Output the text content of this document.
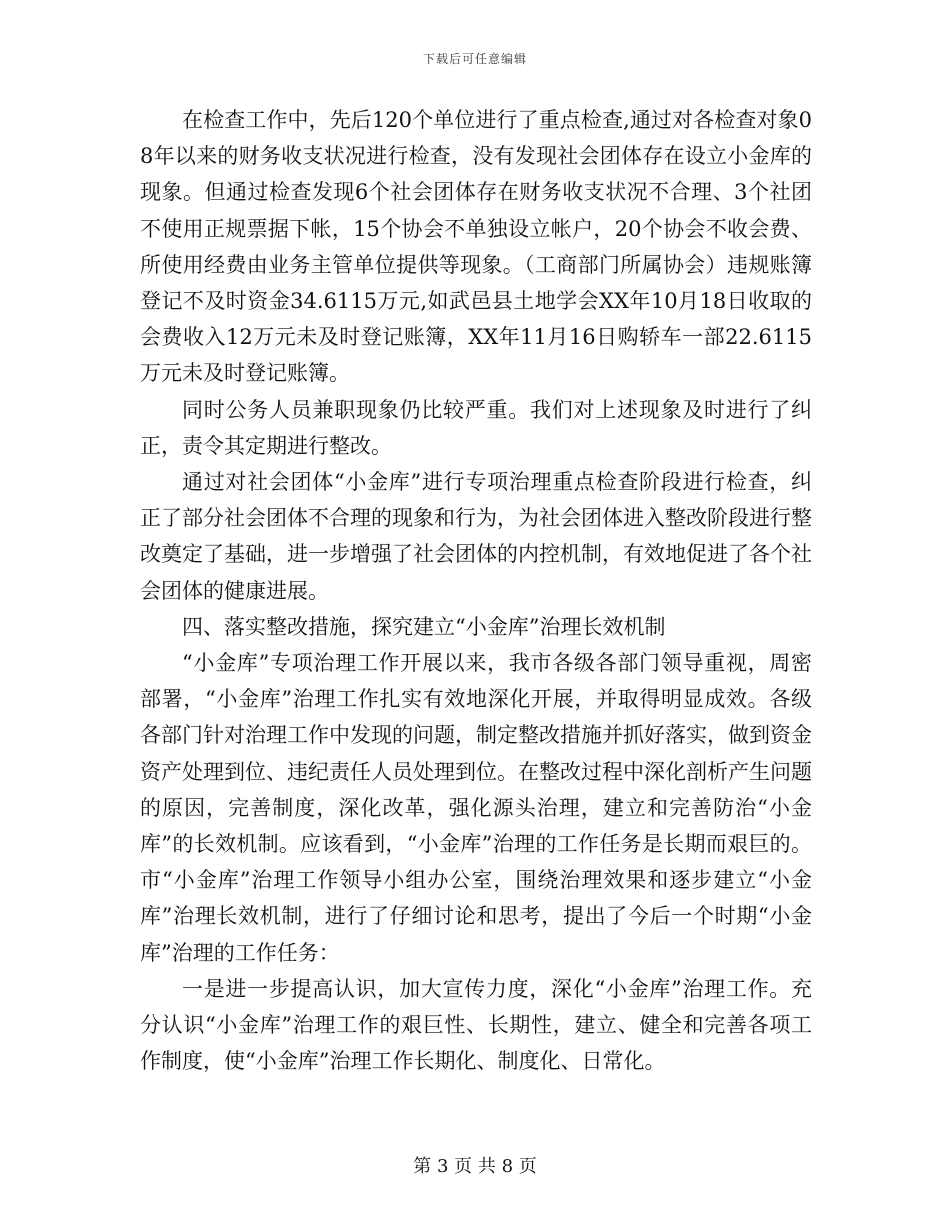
下载后可任意编辑

在检查工作中，先后120个单位进行了重点检查,通过对各检查对象08年以来的财务收支状况进行检查，没有发现社会团体存在设立小金库的现象。但通过检查发现6个社会团体存在财务收支状况不合理、3个社团不使用正规票据下帐，15个协会不单独设立帐户，20个协会不收会费、所使用经费由业务主管单位提供等现象。（工商部门所属协会）违规账簿登记不及时资金34.6115万元,如武邑县土地学会XX年10月18日收取的会费收入12万元未及时登记账簿，XX年11月16日购轿车一部22.6115万元未及时登记账簿。

同时公务人员兼职现象仍比较严重。我们对上述现象及时进行了纠正，责令其定期进行整改。

通过对社会团体“小金库”进行专项治理重点检查阶段进行检查，纠正了部分社会团体不合理的现象和行为，为社会团体进入整改阶段进行整改奠定了基础，进一步增强了社会团体的内控机制，有效地促进了各个社会团体的健康进展。

四、落实整改措施，探究建立“小金库”治理长效机制

“小金库”专项治理工作开展以来，我市各级各部门领导重视，周密部署，“小金库”治理工作扎实有效地深化开展，并取得明显成效。各级各部门针对治理工作中发现的问题，制定整改措施并抓好落实，做到资金资产处理到位、违纪责任人员处理到位。在整改过程中深化剖析产生问题的原因，完善制度，深化改革，强化源头治理，建立和完善防治“小金库”的长效机制。应该看到，“小金库”治理的工作任务是长期而艰巨的。市“小金库”治理工作领导小组办公室，围绕治理效果和逐步建立“小金库”治理长效机制，进行了仔细讨论和思考，提出了今后一个时期“小金库”治理的工作任务：

一是进一步提高认识，加大宣传力度，深化“小金库”治理工作。充分认识“小金库”治理工作的艰巨性、长期性，建立、健全和完善各项工作制度，使“小金库”治理工作长期化、制度化、日常化。

第 3 页 共 8 页
